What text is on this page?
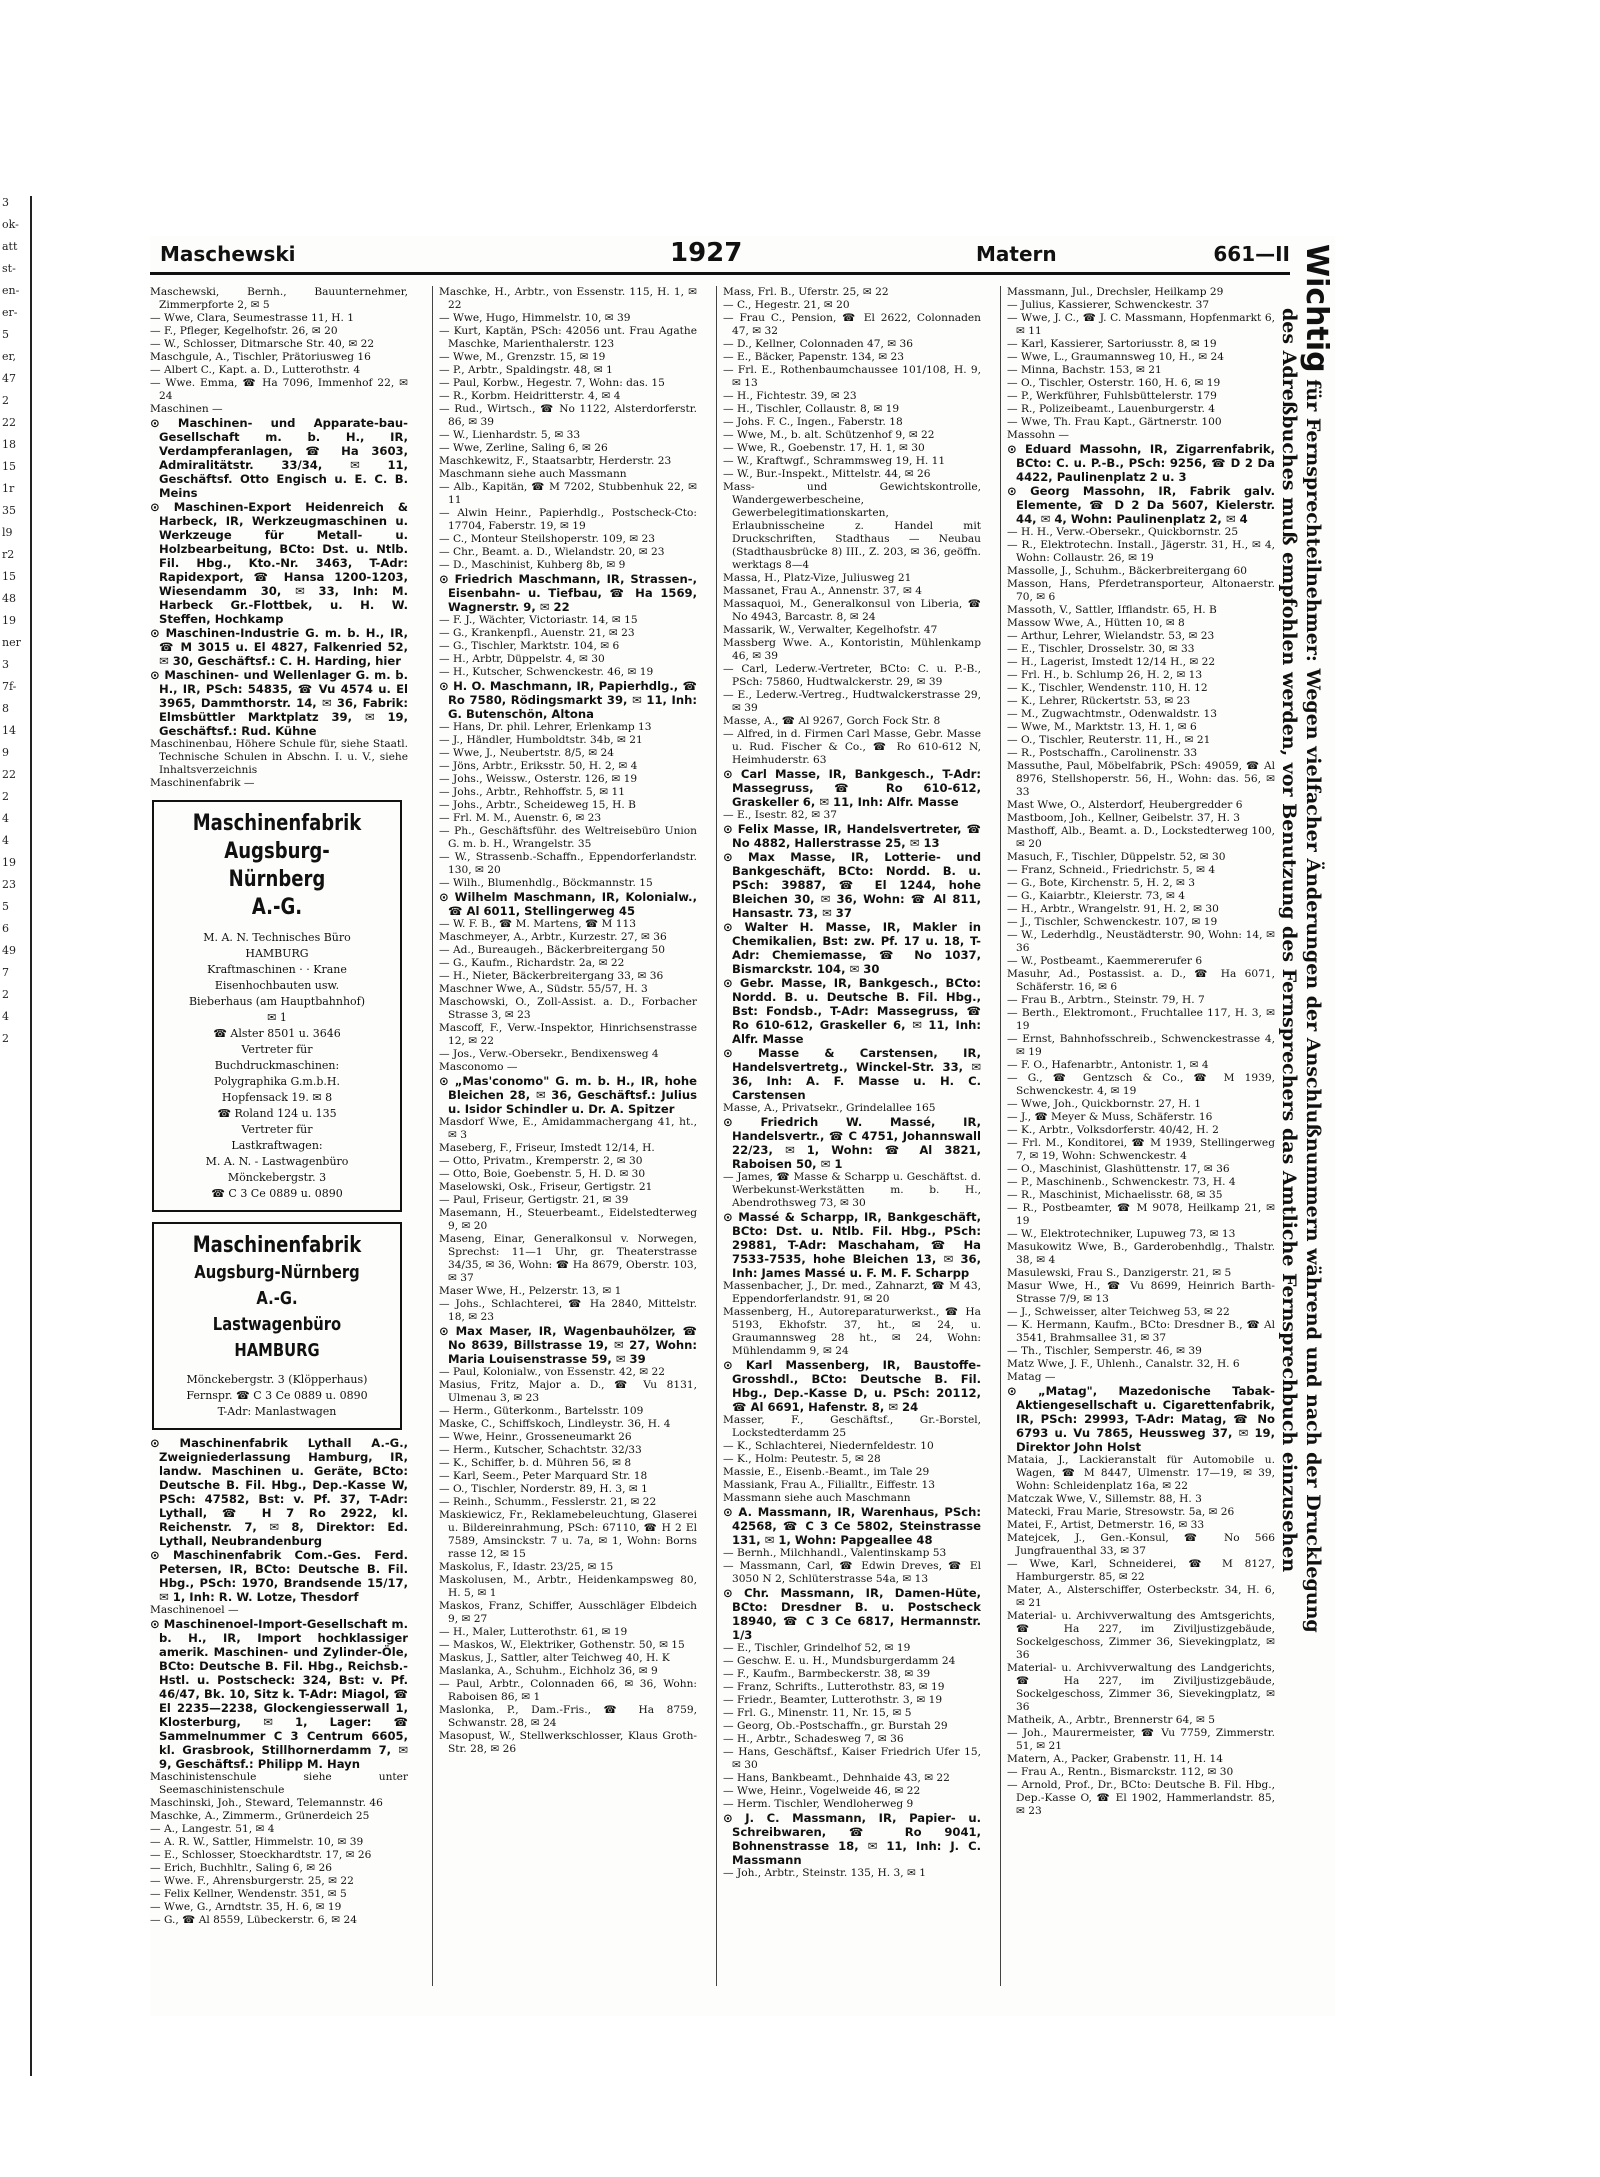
3
ok-
att
st-
en-
er-
5
er,
47
2
22
18
15
1r
35
l9
r2
15
48
19
ner
3
7f-
8
14
9
22
2
4
4
19
23
5
6
49
7
2
4
2
Maschewski	1927	Matern	661—II

Maschewski, Bernh., Bauunternehmer, Zimmerpforte 2, ✉ 5

— Wwe, Clara, Seumestrasse 11, H. 1

— F., Pfleger, Kegelhofstr. 26, ✉ 20

— W., Schlosser, Ditmarsche Str. 40, ✉ 22

Maschgule, A., Tischler, Prätoriusweg 16

— Albert C., Kapt. a. D., Lutterothstr. 4

— Wwe. Emma, ☎ Ha 7096, Immenhof 22, ✉ 24

Maschinen —

⊙ Maschinen- und Apparate-bau-Gesellschaft m. b. H., IR, Verdampferanlagen, ☎ Ha 3603, Admiralitätstr. 33/34, ✉ 11, Geschäftsf. Otto Engisch u. E. C. B. Meins

⊙ Maschinen-Export Heidenreich & Harbeck, IR, Werkzeugmaschinen u. Werkzeuge für Metall- u. Holzbearbeitung, BCto: Dst. u. Ntlb. Fil. Hbg., Kto.-Nr. 3463, T-Adr: Rapidexport, ☎ Hansa 1200-1203, Wiesendamm 30, ✉ 33, Inh: M. Harbeck Gr.-Flottbek, u. H. W. Steffen, Hochkamp

⊙ Maschinen-Industrie G. m. b. H., IR, ☎ M 3015 u. El 4827, Falkenried 52, ✉ 30, Geschäftsf.: C. H. Harding, hier

⊙ Maschinen- und Wellenlager G. m. b. H., IR, PSch: 54835, ☎ Vu 4574 u. El 3965, Dammthorstr. 14, ✉ 36, Fabrik: Elmsbüttler Marktplatz 39, ✉ 19, Geschäftsf.: Rud. Kühne

Maschinenbau, Höhere Schule für, siehe Staatl. Technische Schulen in Abschn. I. u. V., siehe Inhaltsverzeichnis

Maschinenfabrik —

Maschinenfabrik
Augsburg-Nürnberg
A.-G.
M. A. N. Technisches Büro
HAMBURG
Kraftmaschinen · · Krane
Eisenhochbauten usw.
Bieberhaus (am Hauptbahnhof)
✉ 1
☎ Alster 8501 u. 3646
Vertreter für
Buchdruckmaschinen:
Polygraphika G.m.b.H.
Hopfensack 19. ✉ 8
☎ Roland 124 u. 135
Vertreter für
Lastkraftwagen:
M. A. N. - Lastwagenbüro
Mönckebergstr. 3
☎ C 3 Ce 0889 u. 0890
Maschinenfabrik
Augsburg-Nürnberg A.-G.
Lastwagenbüro
HAMBURG
Mönckebergstr. 3 (Klöpperhaus)
Fernspr. ☎ C 3 Ce 0889 u. 0890
T-Adr: Manlastwagen

⊙ Maschinenfabrik Lythall A.-G., Zweigniederlassung Hamburg, IR, landw. Maschinen u. Geräte, BCto: Deutsche B. Fil. Hbg., Dep.-Kasse W, PSch: 47582, Bst: v. Pf. 37, T-Adr: Lythall, ☎ H 7 Ro 2922, kl. Reichenstr. 7, ✉ 8, Direktor: Ed. Lythall, Neubrandenburg

⊙ Maschinenfabrik Com.-Ges. Ferd. Petersen, IR, BCto: Deutsche B. Fil. Hbg., PSch: 1970, Brandsende 15/17, ✉ 1, Inh: R. W. Lotze, Thesdorf

Maschinenoel —

⊙ Maschinenoel-Import-Gesellschaft m. b. H., IR, Import hochklassiger amerik. Maschinen- und Zylinder-Öle, BCto: Deutsche B. Fil. Hbg., Reichsb.-Hstl. u. Postscheck: 324, Bst: v. Pf. 46/47, Bk. 10, Sitz k. T-Adr: Miagol, ☎ El 2235—2238, Glockengiesserwall 1, Klosterburg, ✉ 1, Lager: ☎ Sammelnummer C 3 Centrum 6605, kl. Grasbrook, Stillhornerdamm 7, ✉ 9, Geschäftsf.: Philipp M. Hayn

Maschinistenschule siehe unter Seemaschinistenschule

Maschinski, Joh., Steward, Telemannstr. 46

Maschke, A., Zimmerm., Grünerdeich 25

— A., Langestr. 51, ✉ 4

— A. R. W., Sattler, Himmelstr. 10, ✉ 39

— E., Schlosser, Stoeckhardtstr. 17, ✉ 26

— Erich, Buchhltr., Saling 6, ✉ 26

— Wwe. F., Ahrensburgerstr. 25, ✉ 22

— Felix Kellner, Wendenstr. 351, ✉ 5

— Wwe, G., Arndtstr. 35, H. 6, ✉ 19

— G., ☎ Al 8559, Lübeckerstr. 6, ✉ 24

Maschke, H., Arbtr., von Essenstr. 115, H. 1, ✉ 22

— Wwe, Hugo, Himmelstr. 10, ✉ 39

— Kurt, Kaptän, PSch: 42056 unt. Frau Agathe Maschke, Marienthalerstr. 123

— Wwe, M., Grenzstr. 15, ✉ 19

— P., Arbtr., Spaldingstr. 48, ✉ 1

— Paul, Korbw., Hegestr. 7, Wohn: das. 15

— R., Korbm. Heidritterstr. 4, ✉ 4

— Rud., Wirtsch., ☎ No 1122, Alsterdorferstr. 86, ✉ 39

— W., Lienhardstr. 5, ✉ 33

— Wwe, Zerline, Saling 6, ✉ 26

Maschkewitz, F., Staatsarbtr, Herderstr. 23

Maschmann siehe auch Massmann

— Alb., Kapitän, ☎ M 7202, Stubbenhuk 22, ✉ 11

— Alwin Heinr., Papierhdlg., Postscheck-Cto: 17704, Faberstr. 19, ✉ 19

— C., Monteur Steilshoperstr. 109, ✉ 23

— Chr., Beamt. a. D., Wielandstr. 20, ✉ 23

— D., Maschinist, Kuhberg 8b, ✉ 9

⊙ Friedrich Maschmann, IR, Strassen-, Eisenbahn- u. Tiefbau, ☎ Ha 1569, Wagnerstr. 9, ✉ 22

— F. J., Wächter, Victoriastr. 14, ✉ 15

— G., Krankenpfl., Auenstr. 21, ✉ 23

— G., Tischler, Marktstr. 104, ✉ 6

— H., Arbtr, Düppelstr. 4, ✉ 30

— H., Kutscher, Schwenckestr. 46, ✉ 19

⊙ H. O. Maschmann, IR, Papierhdlg., ☎ Ro 7580, Rödingsmarkt 39, ✉ 11, Inh: G. Butenschön, Altona

— Hans, Dr. phil. Lehrer, Erlenkamp 13

— J., Händler, Humboldtstr. 34b, ✉ 21

— Wwe, J., Neubertstr. 8/5, ✉ 24

— Jöns, Arbtr., Eriksstr. 50, H. 2, ✉ 4

— Johs., Weissw., Osterstr. 126, ✉ 19

— Johs., Arbtr., Rehhoffstr. 5, ✉ 11

— Johs., Arbtr., Scheideweg 15, H. B

— Frl. M. M., Auenstr. 6, ✉ 23

— Ph., Geschäftsführ. des Weltreisebüro Union G. m. b. H., Wrangelstr. 35

— W., Strassenb.-Schaffn., Eppendorferlandstr. 130, ✉ 20

— Wilh., Blumenhdlg., Böckmannstr. 15

⊙ Wilhelm Maschmann, IR, Kolonialw., ☎ Al 6011, Stellingerweg 45

— W. F. B., ☎ M. Martens, ☎ M 113

Maschmeyer, A., Arbtr., Kurzestr. 27, ✉ 36

— Ad., Bureaugeh., Bäckerbreitergang 50

— G., Kaufm., Richardstr. 2a, ✉ 22

— H., Nieter, Bäckerbreitergang 33, ✉ 36

Maschner Wwe, A., Südstr. 55/57, H. 3

Maschowski, O., Zoll-Assist. a. D., Forbacher Strasse 3, ✉ 23

Mascoff, F., Verw.-Inspektor, Hinrichsenstrasse 12, ✉ 22

— Jos., Verw.-Obersekr., Bendixensweg 4

Masconomo —

⊙ „Mas'conomo" G. m. b. H., IR, hohe Bleichen 28, ✉ 36, Geschäftsf.: Julius u. Isidor Schindler u. Dr. A. Spitzer

Masdorf Wwe, E., Amidammachergang 41, ht., ✉ 3

Maseberg, F., Friseur, Imstedt 12/14, H.

— Otto, Privatm., Kremperstr. 2, ✉ 30

— Otto, Boie, Goebenstr. 5, H. D. ✉ 30

Maselowski, Osk., Friseur, Gertigstr. 21

— Paul, Friseur, Gertigstr. 21, ✉ 39

Masemann, H., Steuerbeamt., Eidelstedterweg 9, ✉ 20

Maseng, Einar, Generalkonsul v. Norwegen, Sprechst: 11—1 Uhr, gr. Theaterstrasse 34/35, ✉ 36, Wohn: ☎ Ha 8679, Oberstr. 103, ✉ 37

Maser Wwe, H., Pelzerstr. 13, ✉ 1

— Johs., Schlachterei, ☎ Ha 2840, Mittelstr. 18, ✉ 23

⊙ Max Maser, IR, Wagenbauhölzer, ☎ No 8639, Billstrasse 19, ✉ 27, Wohn: Maria Louisenstrasse 59, ✉ 39

— Paul, Kolonialw., von Essenstr. 42, ✉ 22

Masius, Fritz, Major a. D., ☎ Vu 8131, Ulmenau 3, ✉ 23

— Herm., Güterkonm., Bartelsstr. 109

Maske, C., Schiffskoch, Lindleystr. 36, H. 4

— Wwe, Heinr., Grosseneumarkt 26

— Herm., Kutscher, Schachtstr. 32/33

— K., Schiffer, b. d. Mühren 56, ✉ 8

— Karl, Seem., Peter Marquard Str. 18

— O., Tischler, Norderstr. 89, H. 3, ✉ 1

— Reinh., Schumm., Fesslerstr. 21, ✉ 22

Maskiewicz, Fr., Reklamebeleuchtung, Glaserei u. Bildereinrahmung, PSch: 67110, ☎ H 2 El 7589, Amsinckstr. 7 u. 7a, ✉ 1, Wohn: Borns rasse 12, ✉ 15

Maskolus, F., Idastr. 23/25, ✉ 15

Maskolusen, M., Arbtr., Heidenkampsweg 80, H. 5, ✉ 1

Maskos, Franz, Schiffer, Ausschläger Elbdeich 9, ✉ 27

— H., Maler, Lutterothstr. 61, ✉ 19

— Maskos, W., Elektriker, Gothenstr. 50, ✉ 15

Maskus, J., Sattler, alter Teichweg 40, H. K

Maslanka, A., Schuhm., Eichholz 36, ✉ 9

— Paul, Arbtr., Colonnaden 66, ✉ 36, Wohn: Raboisen 86, ✉ 1

Maslonka, P., Dam.-Fris., ☎ Ha 8759, Schwanstr. 28, ✉ 24

Masopust, W., Stellwerkschlosser, Klaus Groth-Str. 28, ✉ 26

Mass, Frl. B., Uferstr. 25, ✉ 22

— C., Hegestr. 21, ✉ 20

— Frau C., Pension, ☎ El 2622, Colonnaden 47, ✉ 32

— D., Kellner, Colonnaden 47, ✉ 36

— E., Bäcker, Papenstr. 134, ✉ 23

— Frl. E., Rothenbaumchaussee 101/108, H. 9, ✉ 13

— H., Fichtestr. 39, ✉ 23

— H., Tischler, Collaustr. 8, ✉ 19

— Johs. F. C., Ingen., Faberstr. 18

— Wwe, M., b. alt. Schützenhof 9, ✉ 22

— Wwe, R., Goebenstr. 17, H. 1, ✉ 30

— W., Kraftwgf., Schrammsweg 19, H. 11

— W., Bur.-Inspekt., Mittelstr. 44, ✉ 26

Mass- und Gewichtskontrolle, Wandergewerbescheine, Gewerbelegitimationskarten, Erlaubnisscheine z. Handel mit Druckschriften, Stadthaus — Neubau (Stadthausbrücke 8) III., Z. 203, ✉ 36, geöffn. werktags 8—4

Massa, H., Platz-Vize, Juliusweg 21

Massanet, Frau A., Annenstr. 37, ✉ 4

Massaquoi, M., Generalkonsul von Liberia, ☎ No 4943, Barcastr. 8, ✉ 24

Massarik, W., Verwalter, Kegelhofstr. 47

Massberg Wwe. A., Kontoristin, Mühlenkamp 46, ✉ 39

— Carl, Lederw.-Vertreter, BCto: C. u. P.-B., PSch: 75860, Hudtwalckerstr. 29, ✉ 39

— E., Lederw.-Vertreg., Hudtwalckerstrasse 29, ✉ 39

Masse, A., ☎ Al 9267, Gorch Fock Str. 8

— Alfred, in d. Firmen Carl Masse, Gebr. Masse u. Rud. Fischer & Co., ☎ Ro 610-612 N, Heimhuderstr. 63

⊙ Carl Masse, IR, Bankgesch., T-Adr: Massegruss, ☎ Ro 610-612, Graskeller 6, ✉ 11, Inh: Alfr. Masse

— E., Isestr. 82, ✉ 37

⊙ Felix Masse, IR, Handelsvertreter, ☎ No 4882, Hallerstrasse 25, ✉ 13

⊙ Max Masse, IR, Lotterie- und Bankgeschäft, BCto: Nordd. B. u. PSch: 39887, ☎ El 1244, hohe Bleichen 30, ✉ 36, Wohn: ☎ Al 811, Hansastr. 73, ✉ 37

⊙ Walter H. Masse, IR, Makler in Chemikalien, Bst: zw. Pf. 17 u. 18, T-Adr: Chemiemasse, ☎ No 1037, Bismarckstr. 104, ✉ 30

⊙ Gebr. Masse, IR, Bankgesch., BCto: Nordd. B. u. Deutsche B. Fil. Hbg., Bst: Fondsb., T-Adr: Massegruss, ☎ Ro 610-612, Graskeller 6, ✉ 11, Inh: Alfr. Masse

⊙ Masse & Carstensen, IR, Handelsvertretg., Winckel-Str. 33, ✉ 36, Inh: A. F. Masse u. H. C. Carstensen

Masse, A., Privatsekr., Grindelallee 165

⊙ Friedrich W. Massé, IR, Handelsvertr., ☎ C 4751, Johannswall 22/23, ✉ 1, Wohn: ☎ Al 3821, Raboisen 50, ✉ 1

— James, ☎ Masse & Scharpp u. Geschäftst. d. Werbekunst-Werkstätten m. b. H., Abendrothsweg 73, ✉ 30

⊙ Massé & Scharpp, IR, Bankgeschäft, BCto: Dst. u. Ntlb. Fil. Hbg., PSch: 29881, T-Adr: Maschaham, ☎ Ha 7533-7535, hohe Bleichen 13, ✉ 36, Inh: James Massé u. F. M. F. Scharpp

Massenbacher, J., Dr. med., Zahnarzt, ☎ M 43, Eppendorferlandstr. 91, ✉ 20

Massenberg, H., Autoreparaturwerkst., ☎ Ha 5193, Ekhofstr. 37, ht., ✉ 24, u. Graumannsweg 28 ht., ✉ 24, Wohn: Mühlendamm 9, ✉ 24

⊙ Karl Massenberg, IR, Baustoffe-Grosshdl., BCto: Deutsche B. Fil. Hbg., Dep.-Kasse D, u. PSch: 20112, ☎ Al 6691, Hafenstr. 8, ✉ 24

Masser, F., Geschäftsf., Gr.-Borstel, Lockstedterdamm 25

— K., Schlachterei, Niedernfeldestr. 10

— K., Holm: Peutestr. 5, ✉ 28

Massie, E., Eisenb.-Beamt., im Tale 29

Massiank, Frau A., Filialltr., Eiffestr. 13

Massmann siehe auch Maschmann

⊙ A. Massmann, IR, Warenhaus, PSch: 42568, ☎ C 3 Ce 5802, Steinstrasse 131, ✉ 1, Wohn: Papgeallee 48

— Bernh., Milchhandl., Valentinskamp 53

— Massmann, Carl, ☎ Edwin Dreves, ☎ El 3050 N 2, Schlüterstrasse 54a, ✉ 13

⊙ Chr. Massmann, IR, Damen-Hüte, BCto: Dresdner B. u. Postscheck 18940, ☎ C 3 Ce 6817, Hermannstr. 1/3

— E., Tischler, Grindelhof 52, ✉ 19

— Geschw. E. u. H., Mundsburgerdamm 24

— F., Kaufm., Barmbeckerstr. 38, ✉ 39

— Franz, Schrifts., Lutterothstr. 83, ✉ 19

— Friedr., Beamter, Lutterothstr. 3, ✉ 19

— Frl. G., Minenstr. 11, Nr. 15, ✉ 5

— Georg, Ob.-Postschaffn., gr. Burstah 29

— H., Arbtr., Schadesweg 7, ✉ 36

— Hans, Geschäftsf., Kaiser Friedrich Ufer 15, ✉ 30

— Hans, Bankbeamt., Dehnhaide 43, ✉ 22

— Wwe, Heinr., Vogelweide 46, ✉ 22

— Herm. Tischler, Wendloherweg 9

⊙ J. C. Massmann, IR, Papier- u. Schreibwaren, ☎ Ro 9041, Bohnenstrasse 18, ✉ 11, Inh: J. C. Massmann

— Joh., Arbtr., Steinstr. 135, H. 3, ✉ 1

Massmann, Jul., Drechsler, Heilkamp 29

— Julius, Kassierer, Schwenckestr. 37

— Wwe, J. C., ☎ J. C. Massmann, Hopfenmarkt 6, ✉ 11

— Karl, Kassierer, Sartoriusstr. 8, ✉ 19

— Wwe, L., Graumannsweg 10, H., ✉ 24

— Minna, Bachstr. 153, ✉ 21

— O., Tischler, Osterstr. 160, H. 6, ✉ 19

— P., Werkführer, Fuhlsbüttelerstr. 179

— R., Polizeibeamt., Lauenburgerstr. 4

— Wwe, Th. Frau Kapt., Gärtnerstr. 100

Massohn —

⊙ Eduard Massohn, IR, Zigarrenfabrik, BCto: C. u. P.-B., PSch: 9256, ☎ D 2 Da 4422, Paulinenplatz 2 u. 3

⊙ Georg Massohn, IR, Fabrik galv. Elemente, ☎ D 2 Da 5607, Kielerstr. 44, ✉ 4, Wohn: Paulinenplatz 2, ✉ 4

— H. H., Verw.-Obersekr., Quickbornstr. 25

— R., Elektrotechn. Install., Jägerstr. 31, H., ✉ 4, Wohn: Collaustr. 26, ✉ 19

Massolle, J., Schuhm., Bäckerbreitergang 60

Masson, Hans, Pferdetransporteur, Altonaerstr. 70, ✉ 6

Massoth, V., Sattler, Ifflandstr. 65, H. B

Massow Wwe, A., Hütten 10, ✉ 8

— Arthur, Lehrer, Wielandstr. 53, ✉ 23

— E., Tischler, Drosselstr. 30, ✉ 33

— H., Lagerist, Imstedt 12/14 H., ✉ 22

— Frl. H., b. Schlump 26, H. 2, ✉ 13

— K., Tischler, Wendenstr. 110, H. 12

— K., Lehrer, Rückertstr. 53, ✉ 23

— M., Zugwachtmstr., Odenwaldstr. 13

— Wwe, M., Marktstr. 13, H. 1, ✉ 6

— O., Tischler, Reuterstr. 11, H., ✉ 21

— R., Postschaffn., Carolinenstr. 33

Massuthe, Paul, Möbelfabrik, PSch: 49059, ☎ Al 8976, Stellshoperstr. 56, H., Wohn: das. 56, ✉ 33

Mast Wwe, O., Alsterdorf, Heubergredder 6

Mastboom, Joh., Kellner, Geibelstr. 37, H. 3

Masthoff, Alb., Beamt. a. D., Lockstedterweg 100, ✉ 20

Masuch, F., Tischler, Düppelstr. 52, ✉ 30

— Franz, Schneid., Friedrichstr. 5, ✉ 4

— G., Bote, Kirchenstr. 5, H. 2, ✉ 3

— G., Kaiarbtr., Kleierstr. 73, ✉ 4

— H., Arbtr., Wrangelstr. 91, H. 2, ✉ 30

— J., Tischler, Schwenckestr. 107, ✉ 19

— W., Lederhdlg., Neustädterstr. 90, Wohn: 14, ✉ 36

— W., Postbeamt., Kaemmererufer 6

Masuhr, Ad., Postassist. a. D., ☎ Ha 6071, Schäferstr. 16, ✉ 6

— Frau B., Arbtrn., Steinstr. 79, H. 7

— Berth., Elektromont., Fruchtallee 117, H. 3, ✉ 19

— Ernst, Bahnhofsschreib., Schwenckestrasse 4, ✉ 19

— F. O., Hafenarbtr., Antonistr. 1, ✉ 4

— G., ☎ Gentzsch & Co., ☎ M 1939, Schwenckestr. 4, ✉ 19

— Wwe, Joh., Quickbornstr. 27, H. 1

— J., ☎ Meyer & Muss, Schäferstr. 16

— K., Arbtr., Volksdorferstr. 40/42, H. 2

— Frl. M., Konditorei, ☎ M 1939, Stellingerweg 7, ✉ 19, Wohn: Schwenckestr. 4

— O., Maschinist, Glashüttenstr. 17, ✉ 36

— P., Maschinenb., Schwenckestr. 73, H. 4

— R., Maschinist, Michaelisstr. 68, ✉ 35

— R., Postbeamter, ☎ M 9078, Heilkamp 21, ✉ 19

— W., Elektrotechniker, Lupuweg 73, ✉ 13

Masukowitz Wwe, B., Garderobenhdlg., Thalstr. 38, ✉ 4

Masulewski, Frau S., Danzigerstr. 21, ✉ 5

Masur Wwe, H., ☎ Vu 8699, Heinrich Barth-Strasse 7/9, ✉ 13

— J., Schweisser, alter Teichweg 53, ✉ 22

— K. Hermann, Kaufm., BCto: Dresdner B., ☎ Al 3541, Brahmsallee 31, ✉ 37

— Th., Tischler, Semperstr. 46, ✉ 39

Matz Wwe, J. F., Uhlenh., Canalstr. 32, H. 6

Matag —

⊙ „Matag", Mazedonische Tabak-Aktiengesellschaft u. Cigarettenfabrik, IR, PSch: 29993, T-Adr: Matag, ☎ No 6793 u. Vu 7865, Heussweg 37, ✉ 19, Direktor John Holst

Mataia, J., Lackieranstalt für Automobile u. Wagen, ☎ M 8447, Ulmenstr. 17—19, ✉ 39, Wohn: Schleidenplatz 16a, ✉ 22

Matczak Wwe, V., Sillemstr. 88, H. 3

Matecki, Frau Marie, Stresowstr. 5a, ✉ 26

Matei, F., Artist, Detmerstr. 16, ✉ 33

Matejcek, J., Gen.-Konsul, ☎ No 566 Jungfrauenthal 33, ✉ 37

— Wwe, Karl, Schneiderei, ☎ M 8127, Hamburgerstr. 85, ✉ 22

Mater, A., Alsterschiffer, Osterbeckstr. 34, H. 6, ✉ 21

Material- u. Archivverwaltung des Amtsgerichts, ☎ Ha 227, im Ziviljustizgebäude, Sockelgeschoss, Zimmer 36, Sievekingplatz, ✉ 36

Material- u. Archivverwaltung des Landgerichts, ☎ Ha 227, im Ziviljustizgebäude, Sockelgeschoss, Zimmer 36, Sievekingplatz, ✉ 36

Matheik, A., Arbtr., Brennerstr 64, ✉ 5

— Joh., Maurermeister, ☎ Vu 7759, Zimmerstr. 51, ✉ 21

Matern, A., Packer, Grabenstr. 11, H. 14

— Frau A., Rentn., Bismarckstr. 112, ✉ 30

— Arnold, Prof., Dr., BCto: Deutsche B. Fil. Hbg., Dep.-Kasse O, ☎ El 1902, Hammerlandstr. 85, ✉ 23

Wichtig für Fernsprechteilnehmer: Wegen vielfacher Änderungen der Anschlußnummern während und nach der Drucklegung
des Adreßbuches muß empfohlen werden, vor Benutzung des Fernsprechers das Amtliche Fernsprechbuch einzusehen
